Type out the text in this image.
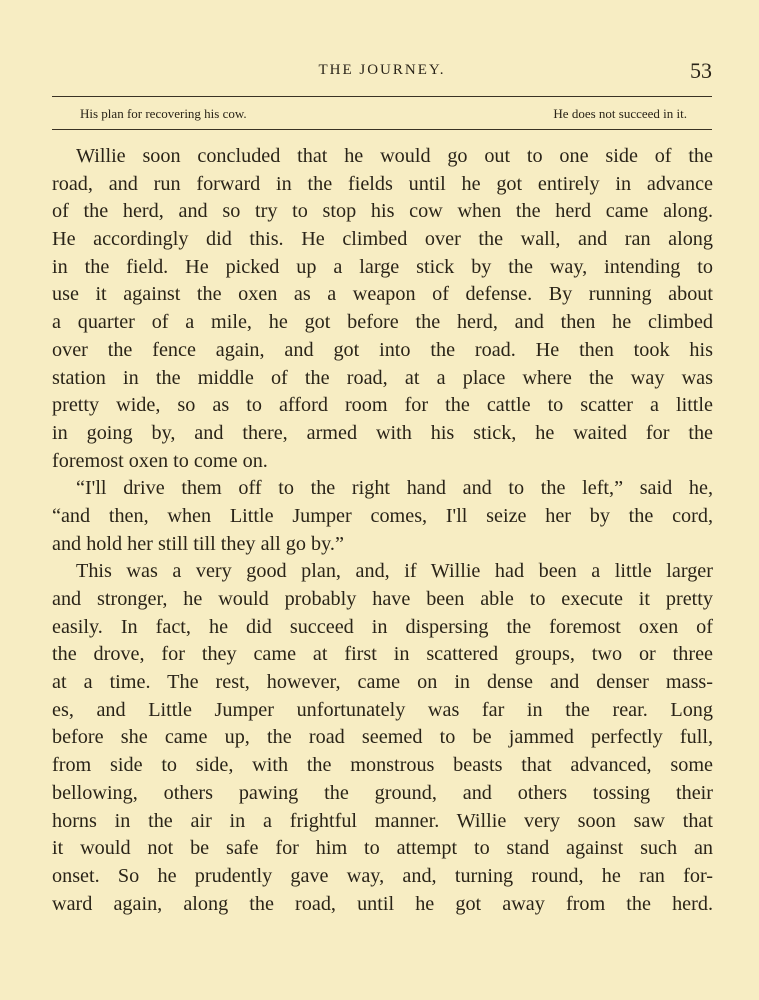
THE JOURNEY.	53
His plan for recovering his cow.	He does not succeed in it.
Willie soon concluded that he would go out to one side of the
road, and run forward in the fields until he got entirely in advance
of the herd, and so try to stop his cow when the herd came along.
He accordingly did this. He climbed over the wall, and ran along
in the field. He picked up a large stick by the way, intending to
use it against the oxen as a weapon of defense. By running about
a quarter of a mile, he got before the herd, and then he climbed
over the fence again, and got into the road. He then took his
station in the middle of the road, at a place where the way was
pretty wide, so as to afford room for the cattle to scatter a little
in going by, and there, armed with his stick, he waited for the
foremost oxen to come on.
“I'll drive them off to the right hand and to the left,” said he,
“and then, when Little Jumper comes, I'll seize her by the cord,
and hold her still till they all go by.”
This was a very good plan, and, if Willie had been a little larger
and stronger, he would probably have been able to execute it pretty
easily. In fact, he did succeed in dispersing the foremost oxen of
the drove, for they came at first in scattered groups, two or three
at a time. The rest, however, came on in dense and denser mass-
es, and Little Jumper unfortunately was far in the rear. Long
before she came up, the road seemed to be jammed perfectly full,
from side to side, with the monstrous beasts that advanced, some
bellowing, others pawing the ground, and others tossing their
horns in the air in a frightful manner. Willie very soon saw that
it would not be safe for him to attempt to stand against such an
onset. So he prudently gave way, and, turning round, he ran for-
ward again, along the road, until he got away from the herd.
